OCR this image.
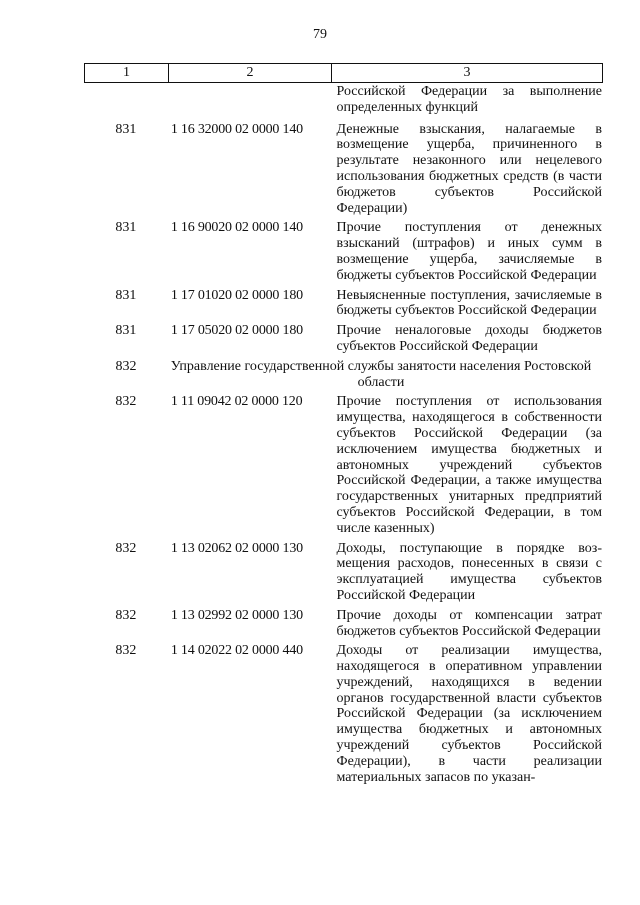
79
1	2	3
Российской Федерации за выполнение определенных функций
831	1 16 32000 02 0000 140	Денежные взыскания, налагаемые в возмещение ущерба, причиненного в результате незаконного или нецелевого использования бюджетных средств (в части бюджетов субъектов Российской Федерации)
831	1 16 90020 02 0000 140	Прочие поступления от денежных взысканий (штрафов) и иных сумм в возмещение ущерба, зачисляемые в бюджеты субъектов Российской Федерации
831	1 17 01020 02 0000 180	Невыясненные поступления, зачисляемые в бюджеты субъектов Российской Федерации
831	1 17 05020 02 0000 180	Прочие неналоговые доходы бюджетов субъектов Российской Федерации
832	Управление государственной службы занятости населения Ростовской области
832	1 11 09042 02 0000 120	Прочие поступления от использования имущества, находящегося в собственности субъектов Российской Федерации (за исключением имущества бюджетных и автономных учреждений субъектов Российской Федерации, а также имущества государственных унитарных предприятий субъектов Российской Федерации, в том числе казенных)
832	1 13 02062 02 0000 130	Доходы, поступающие в порядке возмещения расходов, понесенных в связи с эксплуатацией имущества субъектов Российской Федерации
832	1 13 02992 02 0000 130	Прочие доходы от компенсации затрат бюджетов субъектов Российской Федерации
832	1 14 02022 02 0000 440	Доходы от реализации имущества, находящегося в оперативном управлении учреждений, находящихся в ведении органов государственной власти субъектов Российской Федерации (за исключением имущества бюджетных и автономных учреждений субъектов Российской Федерации), в части реализации материальных запасов по указан-
